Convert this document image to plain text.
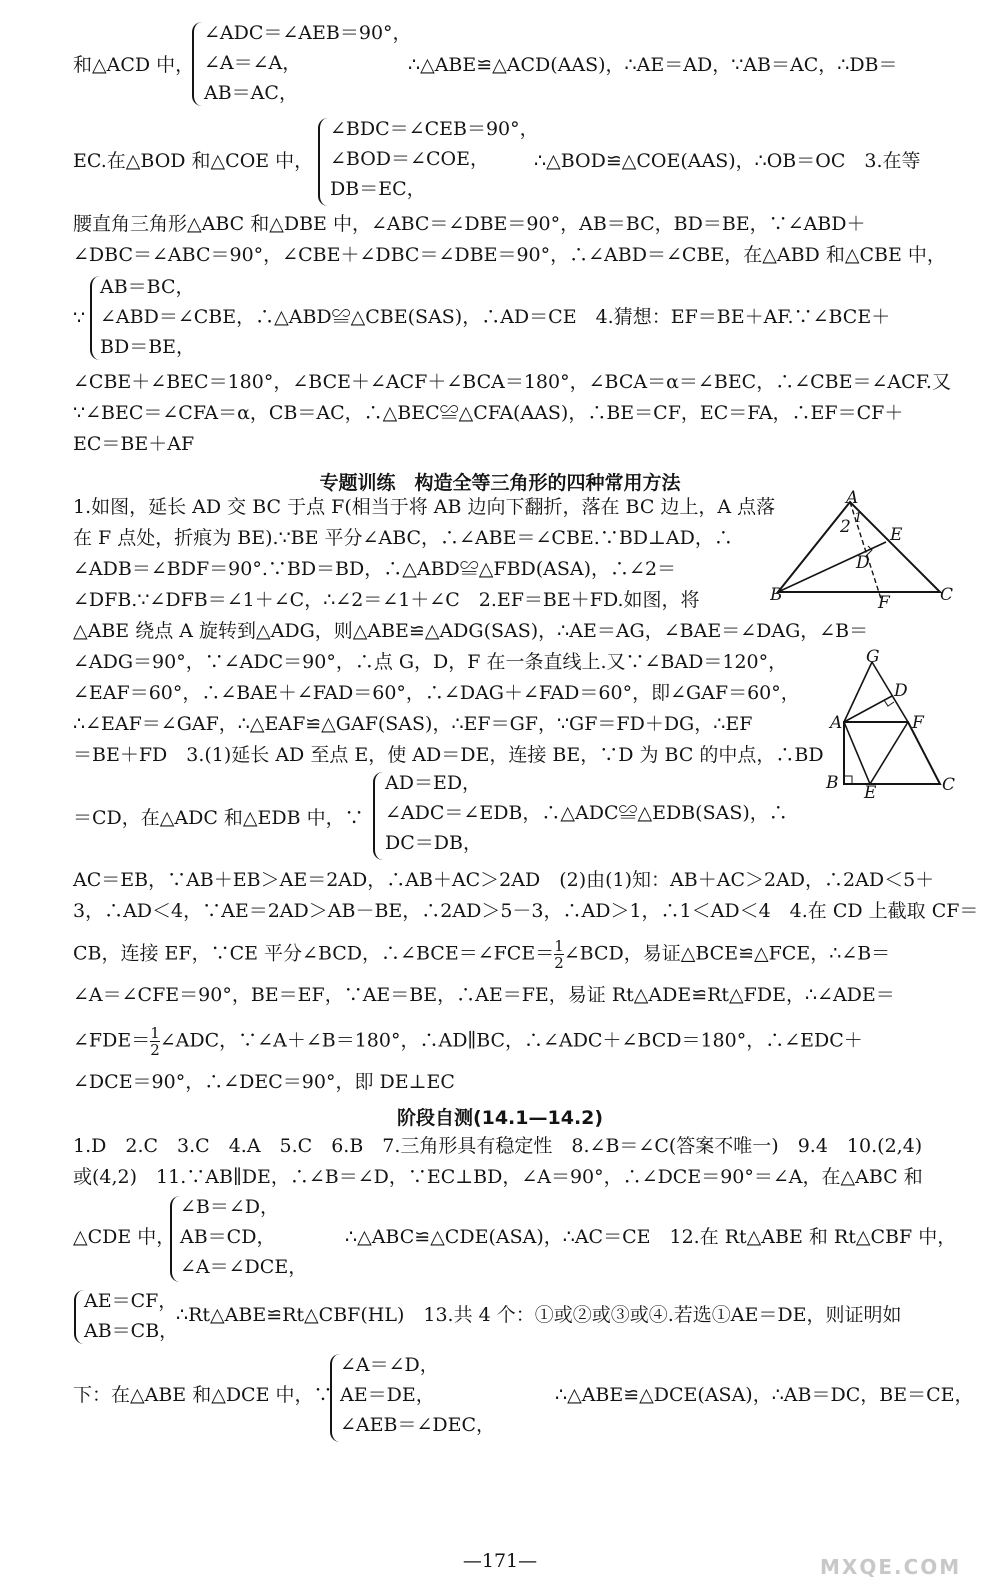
和△ACD 中，
∠ADC＝∠AEB＝90°，
∠A＝∠A，
AB＝AC，
∴△ABE≌△ACD(AAS)，∴AE＝AD，∵AB＝AC，∴DB＝
EC.在△BOD 和△COE 中，
∠BDC＝∠CEB＝90°，
∠BOD＝∠COE，
DB＝EC，
∴△BOD≌△COE(AAS)，∴OB＝OC　3.在等
腰直角三角形△ABC 和△DBE 中，∠ABC＝∠DBE＝90°，AB＝BC，BD＝BE，∵∠ABD＋
∠DBC＝∠ABC＝90°，∠CBE＋∠DBC＝∠DBE＝90°，∴∠ABD＝∠CBE，在△ABD 和△CBE 中，
∵
AB＝BC，
∠ABD＝∠CBE，∴△ABD≌△CBE(SAS)，∴AD＝CE　4.猜想：EF＝BE＋AF.∵∠BCE＋
BD＝BE，
∠CBE＋∠BEC＝180°，∠BCE＋∠ACF＋∠BCA＝180°，∠BCA＝α＝∠BEC，∴∠CBE＝∠ACF.又
∵∠BEC＝∠CFA＝α，CB＝AC，∴△BEC≌△CFA(AAS)，∴BE＝CF，EC＝FA，∴EF＝CF＋
EC＝BE＋AF
专题训练　构造全等三角形的四种常用方法
1.如图，延长 AD 交 BC 于点 F(相当于将 AB 边向下翻折，落在 BC 边上，A 点落
在 F 点处，折痕为 BE).∵BE 平分∠ABC，∴∠ABE＝∠CBE.∵BD⊥AD，∴
∠ADB＝∠BDF＝90°.∵BD＝BD，∴△ABD≌△FBD(ASA)，∴∠2＝
∠DFB.∵∠DFB＝∠1＋∠C，∴∠2＝∠1＋∠C　2.EF＝BE＋FD.如图，将
△ABE 绕点 A 旋转到△ADG，则△ABE≌△ADG(SAS)，∴AE＝AG，∠BAE＝∠DAG，∠B＝
∠ADG＝90°，∵∠ADC＝90°，∴点 G，D，F 在一条直线上.又∵∠BAD＝120°，
∠EAF＝60°，∴∠BAE＋∠FAD＝60°，∴∠DAG＋∠FAD＝60°，即∠GAF＝60°，
∴∠EAF＝∠GAF，∴△EAF≌△GAF(SAS)，∴EF＝GF，∵GF＝FD＋DG，∴EF
＝BE＋FD　3.(1)延长 AD 至点 E，使 AD＝DE，连接 BE，∵D 为 BC 的中点，∴BD
A
2 1
E
D
B	C
F
G
D
A	F
B E	C
＝CD，在△ADC 和△EDB 中，∵
AD＝ED，
∠ADC＝∠EDB，∴△ADC≌△EDB(SAS)，∴
DC＝DB，
AC＝EB，∵AB＋EB＞AE＝2AD，∴AB＋AC＞2AD　(2)由(1)知：AB＋AC＞2AD，∴2AD＜5＋
3，∴AD＜4，∵AE＝2AD＞AB－BE，∴2AD＞5－3，∴AD＞1，∴1＜AD＜4　4.在 CD 上截取 CF＝
CB，连接 EF，∵CE 平分∠BCD，∴∠BCE＝∠FCE＝ $\frac{1}{2}$ ∠BCD，易证△BCE≌△FCE，∴∠B＝
∠A＝∠CFE＝90°，BE＝EF，∵AE＝BE，∴AE＝FE，易证 Rt△ADE≌Rt△FDE，∴∠ADE＝
∠FDE＝ $\frac{1}{2}$ ∠ADC，∵∠A＋∠B＝180°，∴AD∥BC，∴∠ADC＋∠BCD＝180°，∴∠EDC＋
∠DCE＝90°，∴∠DEC＝90°，即 DE⊥EC
阶段自测(14.1—14.2)
1.D　2.C　3.C　4.A　5.C　6.B　7.三角形具有稳定性　8.∠B＝∠C(答案不唯一)　9.4　10.(2,4)
或(4,2)　11.∵AB∥DE，∴∠B＝∠D，∵EC⊥BD，∠A＝90°，∴∠DCE＝90°＝∠A，在△ABC 和
△CDE 中，
∠B＝∠D，
AB＝CD，
∠A＝∠DCE，
∴△ABC≌△CDE(ASA)，∴AC＝CE　12.在 Rt△ABE 和 Rt△CBF 中，
AE＝CF，
AB＝CB，
∴Rt△ABE≌Rt△CBF(HL)　13.共 4 个：①或②或③或④.若选①AE＝DE，则证明如
下：在△ABE 和△DCE 中，∵
∠A＝∠D，
AE＝DE，
∠AEB＝∠DEC，
∴△ABE≌△DCE(ASA)，∴AB＝DC，BE＝CE，
—171—	MXQE.COM
